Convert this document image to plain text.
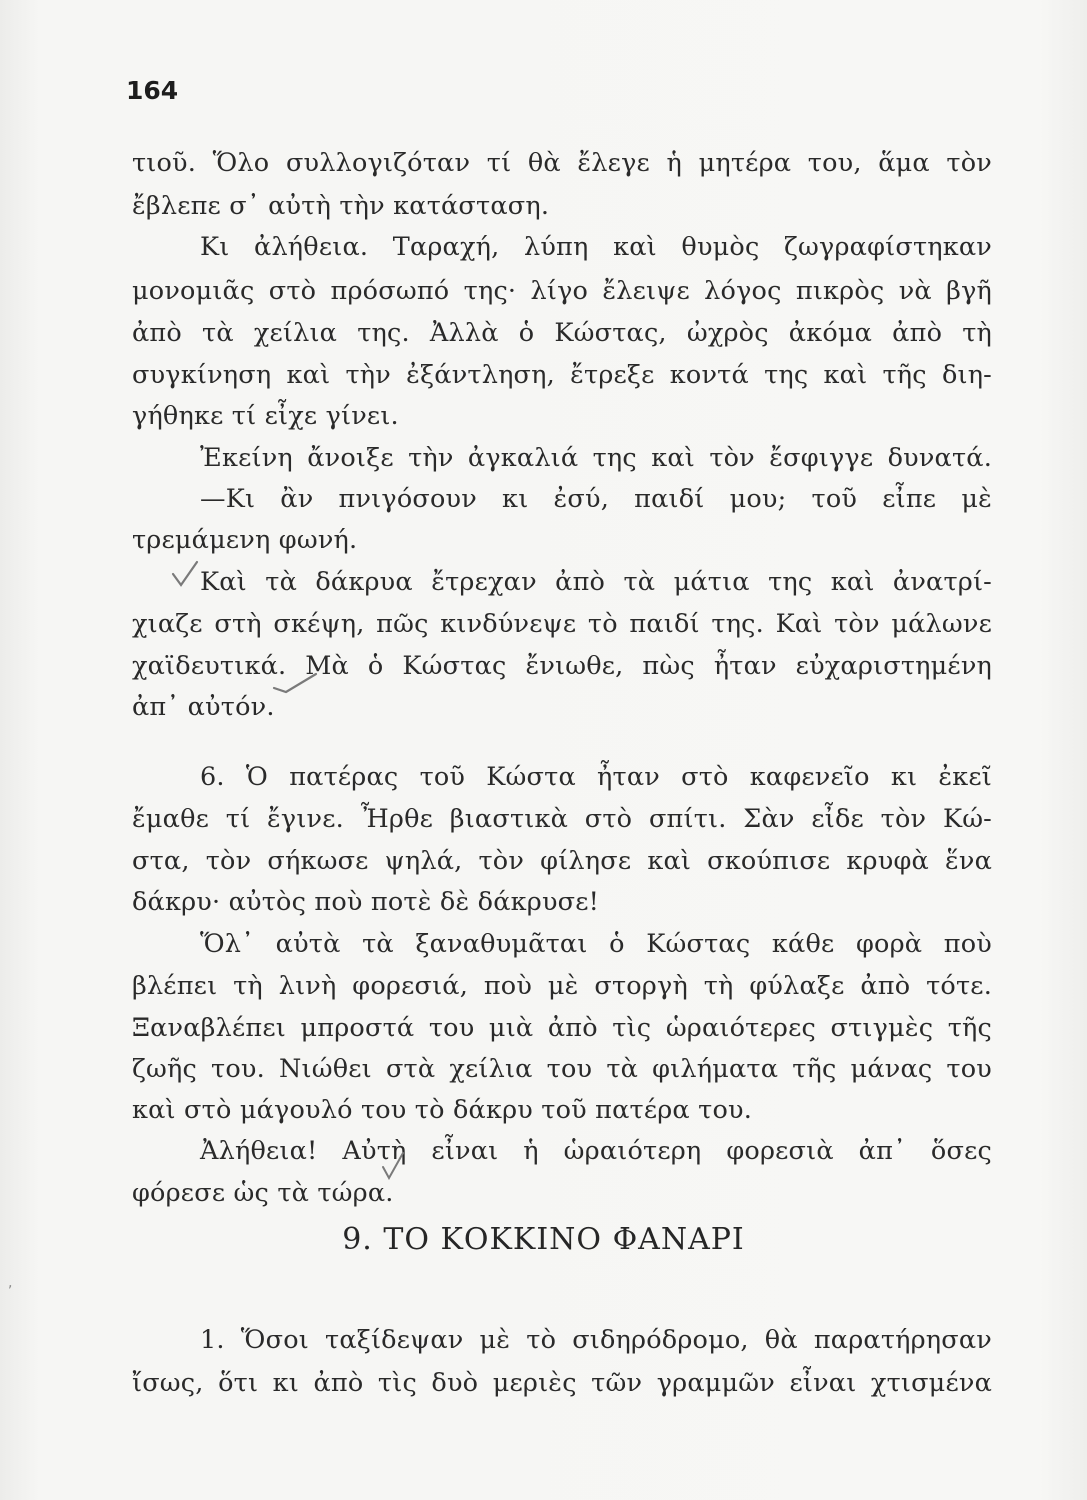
164
τιοῦ. Ὅλο συλλογιζόταν τί θὰ ἔλεγε ἡ μητέρα του, ἅμα τὸν
ἔβλεπε σ᾿ αὐτὴ τὴν κατάσταση.
Κι ἀλήθεια. Ταραχή, λύπη καὶ θυμὸς ζωγραφίστηκαν
μονομιᾶς στὸ πρόσωπό της· λίγο ἔλειψε λόγος πικρὸς νὰ βγῆ
ἀπὸ τὰ χείλια της. Ἀλλὰ ὁ Κώστας, ὠχρὸς ἀκόμα ἀπὸ τὴ
συγκίνηση καὶ τὴν ἐξάντληση, ἔτρεξε κοντά της καὶ τῆς διη-
γήθηκε τί εἶχε γίνει.
Ἐκείνη ἄνοιξε τὴν ἀγκαλιά της καὶ τὸν ἔσφιγγε δυνατά.
—Κι ἂν πνιγόσουν κι ἐσύ, παιδί μου; τοῦ εἶπε μὲ
τρεμάμενη φωνή.
Καὶ τὰ δάκρυα ἔτρεχαν ἀπὸ τὰ μάτια της καὶ ἀνατρί-
χιαζε στὴ σκέψη, πῶς κινδύνεψε τὸ παιδί της. Καὶ τὸν μάλωνε
χαϊδευτικά. Μὰ ὁ Κώστας ἔνιωθε, πὼς ἦταν εὐχαριστημένη
ἀπ᾿ αὐτόν.
6. Ὁ πατέρας τοῦ Κώστα ἦταν στὸ καφενεῖο κι ἐκεῖ
ἔμαθε τί ἔγινε. Ἦρθε βιαστικὰ στὸ σπίτι. Σὰν εἶδε τὸν Κώ-
στα, τὸν σήκωσε ψηλά, τὸν φίλησε καὶ σκούπισε κρυφὰ ἕνα
δάκρυ· αὐτὸς ποὺ ποτὲ δὲ δάκρυσε!
Ὅλ᾿ αὐτὰ τὰ ξαναθυμᾶται ὁ Κώστας κάθε φορὰ ποὺ
βλέπει τὴ λινὴ φορεσιά, ποὺ μὲ στοργὴ τὴ φύλαξε ἀπὸ τότε.
Ξαναβλέπει μπροστά του μιὰ ἀπὸ τὶς ὡραιότερες στιγμὲς τῆς
ζωῆς του. Νιώθει στὰ χείλια του τὰ φιλήματα τῆς μάνας του
καὶ στὸ μάγουλό του τὸ δάκρυ τοῦ πατέρα του.
Ἀλήθεια! Αὐτὴ εἶναι ἡ ὡραιότερη φορεσιὰ ἀπ᾿ ὅσες
φόρεσε ὡς τὰ τώρα.
9. ΤΟ ΚΟΚΚΙΝΟ ΦΑΝΑΡΙ
1. Ὅσοι ταξίδεψαν μὲ τὸ σιδηρόδρομο, θὰ παρατήρησαν
ἴσως, ὅτι κι ἀπὸ τὶς δυὸ μεριὲς τῶν γραμμῶν εἶναι χτισμένα
,
